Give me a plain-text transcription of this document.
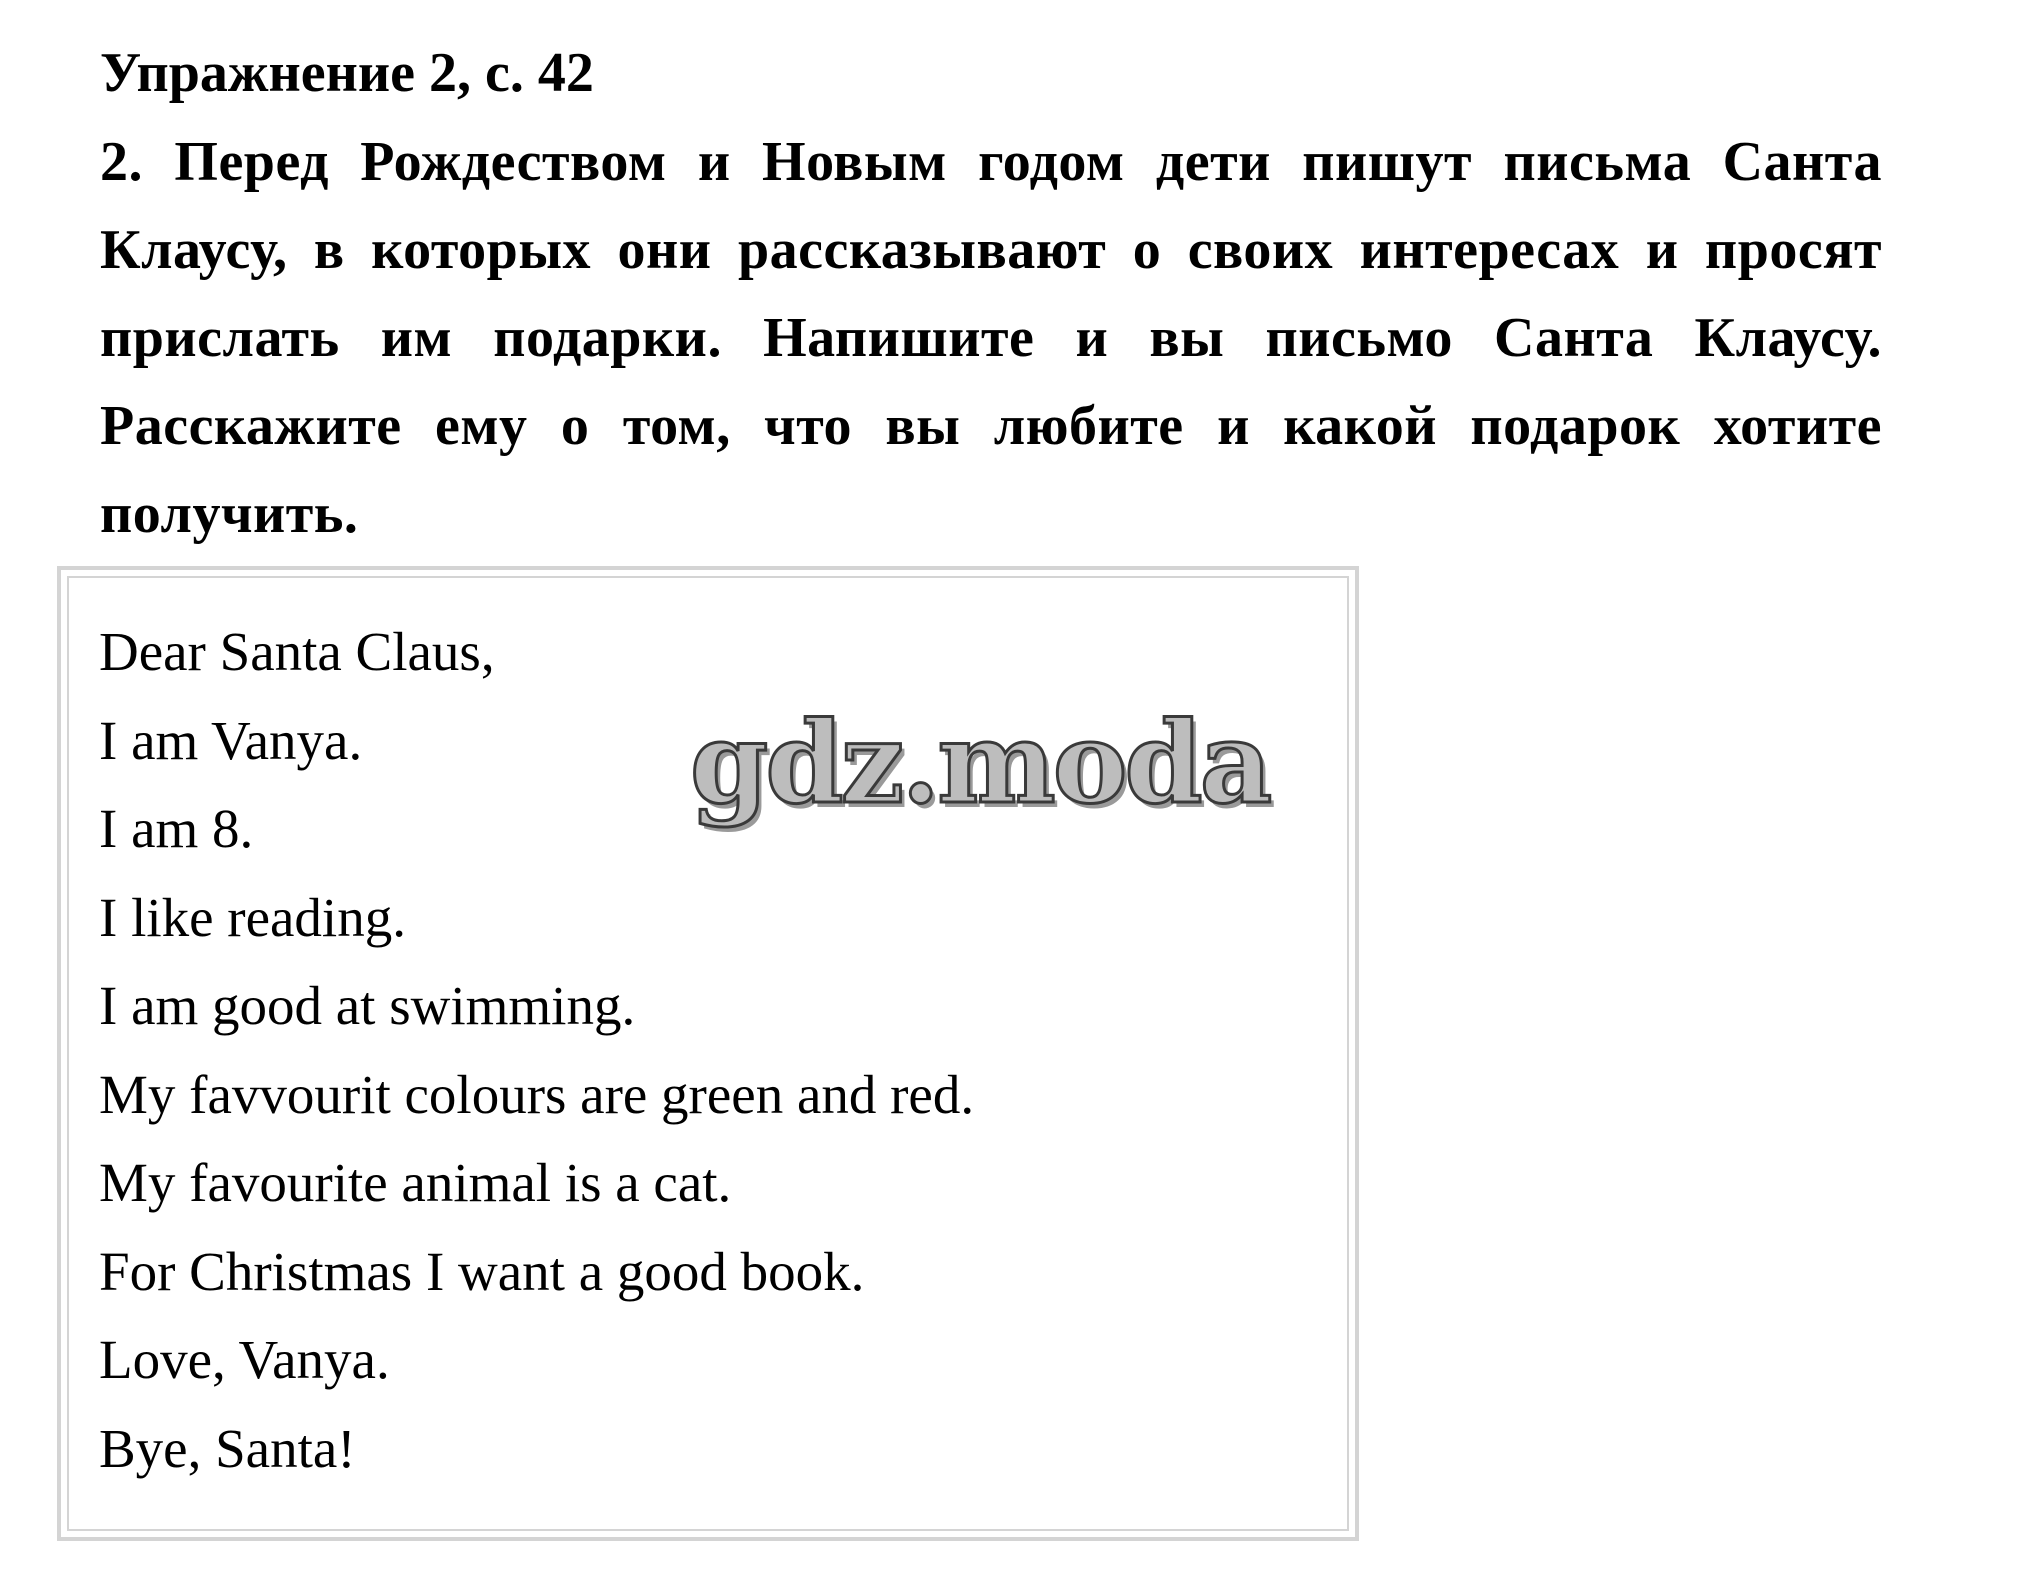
Упражнение 2, с. 42
2. Перед Рождеством и Новым годом дети пишут письма Санта Клаусу, в которых они рассказывают о своих интересах и просят прислать им подарки. Напишите и вы письмо Санта Клаусу. Расскажите ему о том, что вы любите и какой подарок хотите получить.
Dear Santa Claus,
I am Vanya.
I am 8.
I like reading.
I am good at swimming.
My favvourit colours are green and red.
My favourite animal is a cat.
For Christmas I want a good book.
Love, Vanya.
Bye, Santa!
gdz.moda
